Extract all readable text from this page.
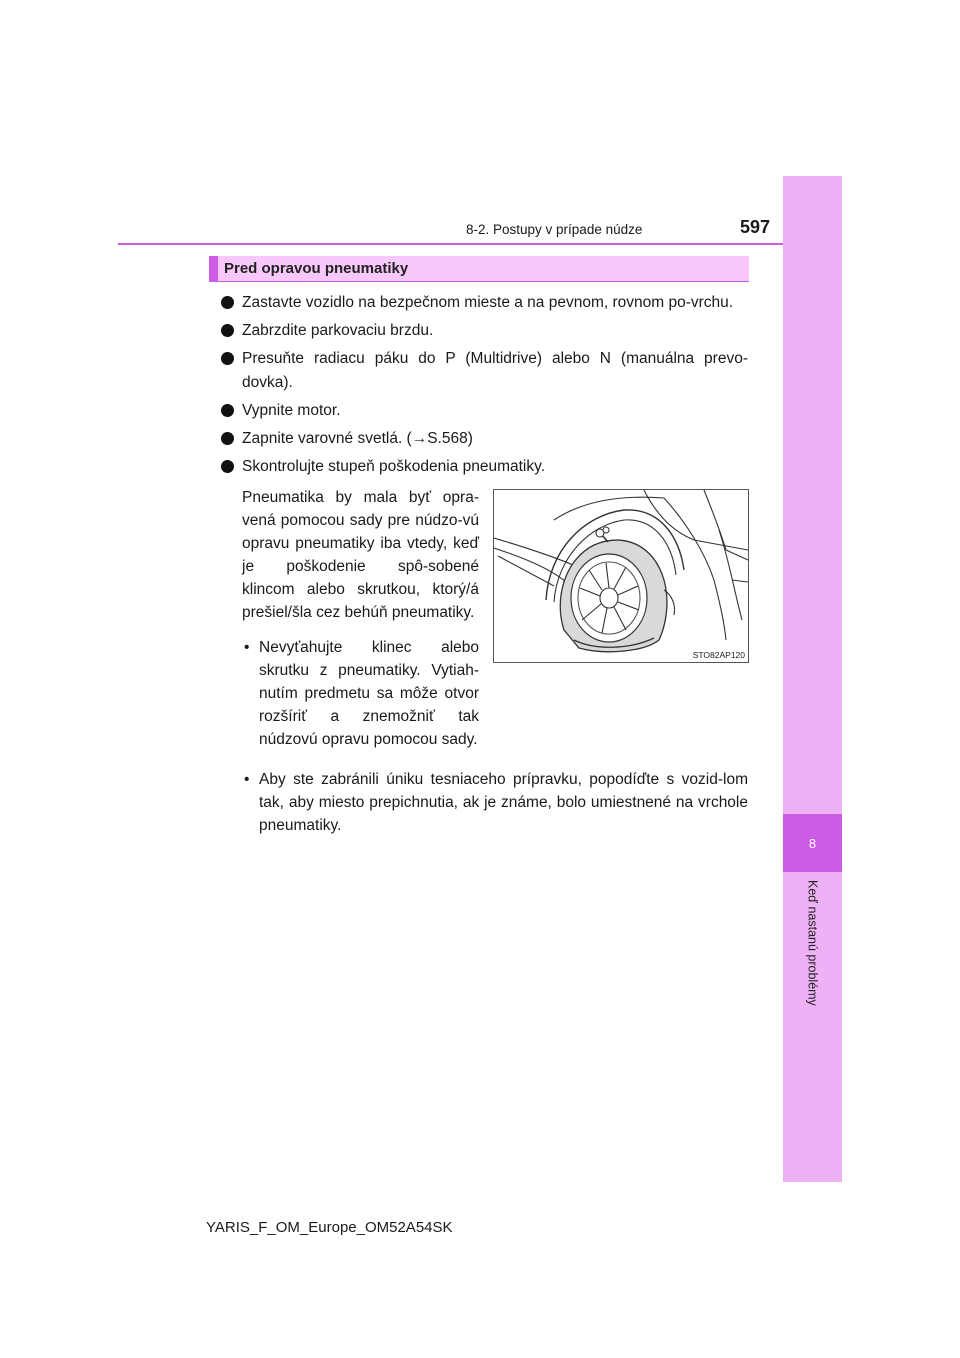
8
Keď nastanú problémy
8-2. Postupy v prípade núdze	597
Pred opravou pneumatiky
Zastavte vozidlo na bezpečnom mieste a na pevnom, rovnom po-vrchu.
Zabrzdite parkovaciu brzdu.
Presuňte radiacu páku do P (Multidrive) alebo N (manuálna prevo-dovka).
Vypnite motor.
Zapnite varovné svetlá. (→S.568)
Skontrolujte stupeň poškodenia pneumatiky.

Pneumatika by mala byť opra-vená pomocou sady pre núdzo-vú opravu pneumatiky iba vtedy, keď je poškodenie spô-sobené klincom alebo skrutkou, ktorý/á prešiel/šla cez behúň pneumatiky.

• Nevyťahujte klinec alebo skrutku z pneumatiky. Vytiah-nutím predmetu sa môže otvor rozšíriť a znemožniť tak núdzovú opravu pomocou sady.
• Aby ste zabránili úniku tesniaceho prípravku, popodíďte s vozid-lom tak, aby miesto prepichnutia, ak je známe, bolo umiestnené na vrchole pneumatiky.
STO82AP120
YARIS_F_OM_Europe_OM52A54SK
